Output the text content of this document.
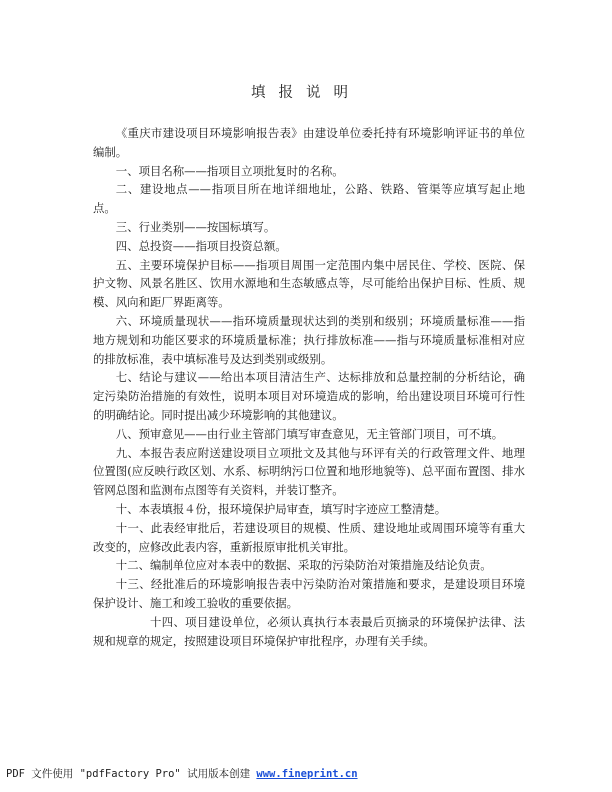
填报说明

《重庆市建设项目环境影响报告表》由建设单位委托持有环境影响评证书的单位编制。

一、项目名称——指项目立项批复时的名称。

二、建设地点——指项目所在地详细地址，公路、铁路、管渠等应填写起止地点。

三、行业类别——按国标填写。

四、总投资——指项目投资总额。

五、主要环境保护目标——指项目周围一定范围内集中居民住、学校、医院、保护文物、风景名胜区、饮用水源地和生态敏感点等，尽可能给出保护目标、性质、规模、风向和距厂界距离等。

六、环境质量现状——指环境质量现状达到的类别和级别；环境质量标准——指地方规划和功能区要求的环境质量标准；执行排放标准——指与环境质量标准相对应的排放标准，表中填标准号及达到类别或级别。

七、结论与建议——给出本项目清洁生产、达标排放和总量控制的分析结论，确定污染防治措施的有效性，说明本项目对环境造成的影响，给出建设项目环境可行性的明确结论。同时提出减少环境影响的其他建议。

八、预审意见——由行业主管部门填写审查意见，无主管部门项目，可不填。

九、本报告表应附送建设项目立项批文及其他与环评有关的行政管理文件、地理位置图(应反映行政区划、水系、标明纳污口位置和地形地貌等)、总平面布置图、排水管网总图和监测布点图等有关资料，并装订整齐。

十、本表填报４份，报环境保护局审查，填写时字迹应工整清楚。

十一、此表经审批后，若建设项目的规模、性质、建设地址或周围环境等有重大改变的，应修改此表内容，重新报原审批机关审批。

十二、编制单位应对本表中的数据、采取的污染防治对策措施及结论负责。

十三、经批准后的环境影响报告表中污染防治对策措施和要求，是建设项目环境保护设计、施工和竣工验收的重要依据。

十四、项目建设单位，必须认真执行本表最后页摘录的环境保护法律、法规和规章的规定，按照建设项目环境保护审批程序，办理有关手续。

PDF 文件使用 "pdfFactory Pro" 试用版本创建 www.fineprint.cn
